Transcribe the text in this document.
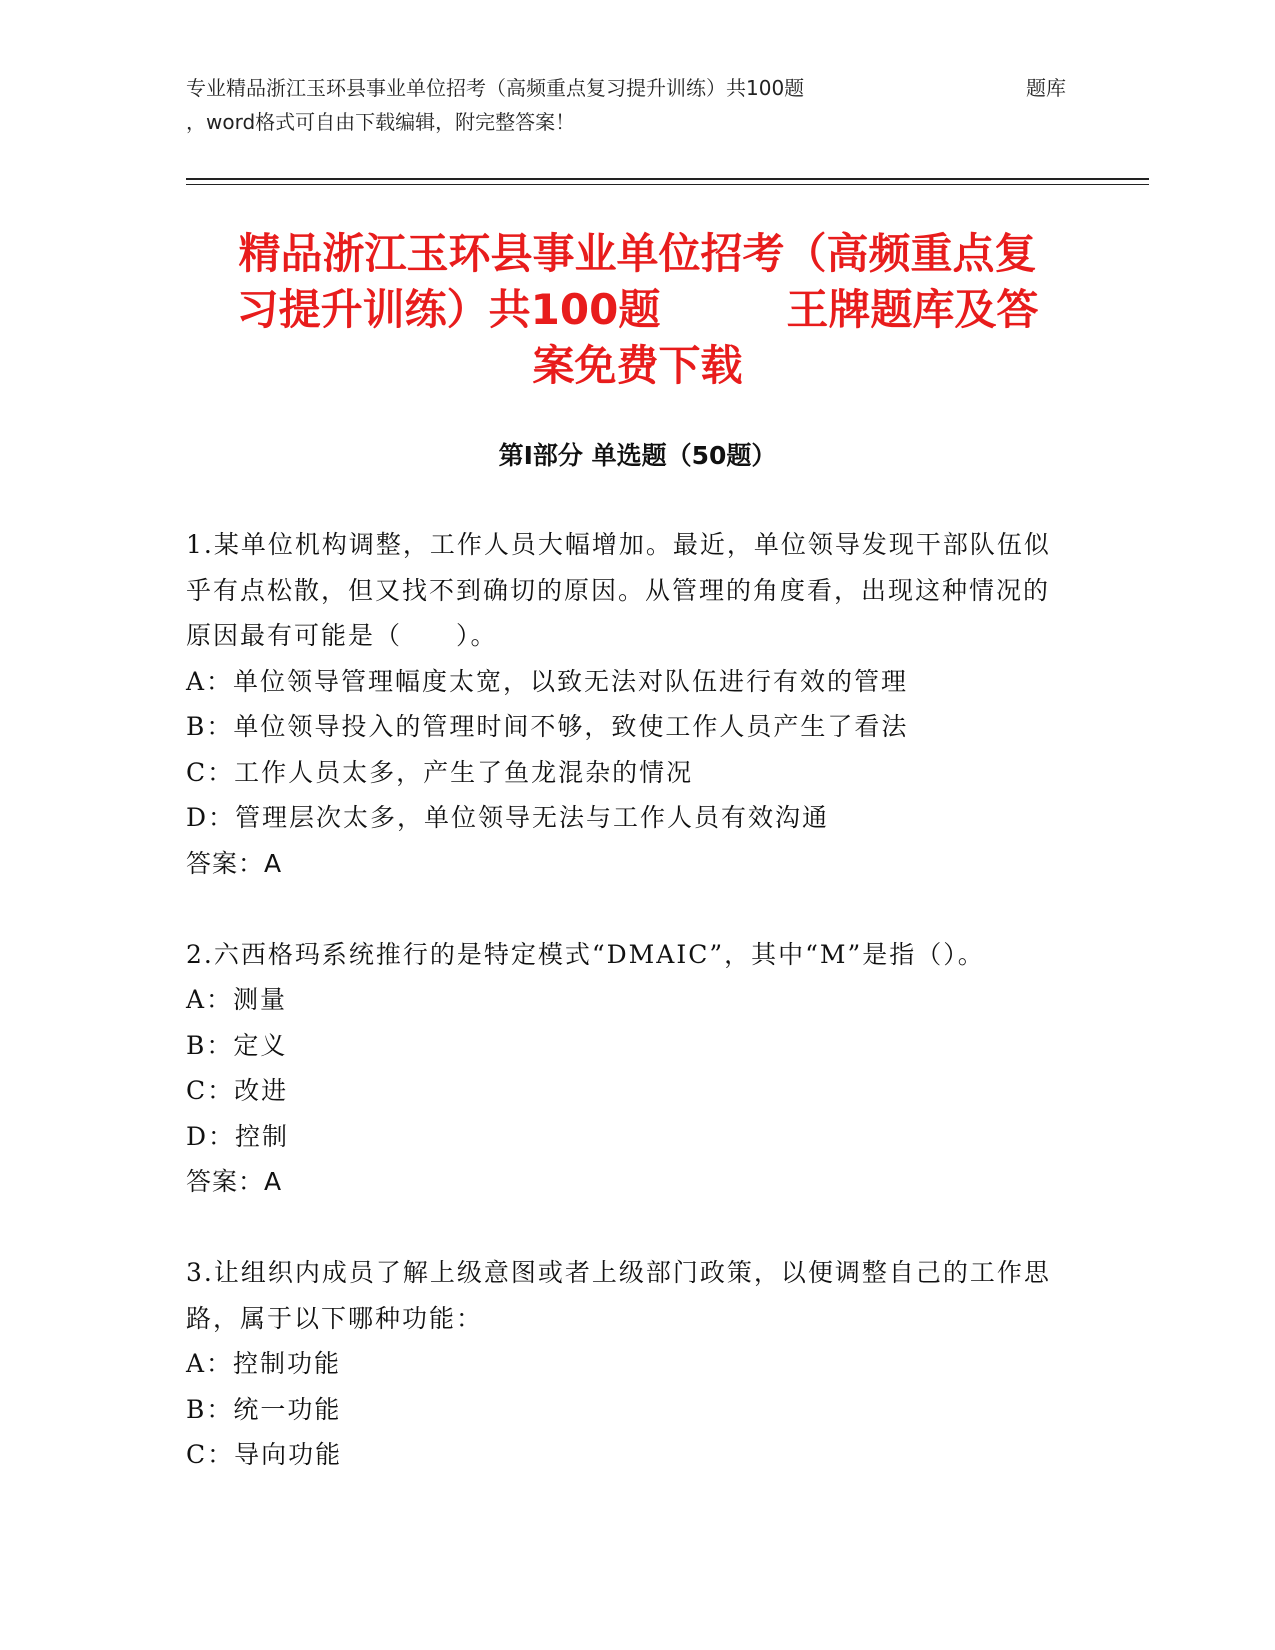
专业精品浙江玉环县事业单位招考（高频重点复习提升训练）共100题	题库
，word格式可自由下载编辑，附完整答案！
精品浙江玉环县事业单位招考（高频重点复
习提升训练）共100题　　　王牌题库及答
案免费下载
第Ⅰ部分 单选题（50题）
1.某单位机构调整，工作人员大幅增加。最近，单位领导发现干部队伍似乎有点松散，但又找不到确切的原因。从管理的角度看，出现这种情况的原因最有可能是（　　）。
A：单位领导管理幅度太宽，以致无法对队伍进行有效的管理
B：单位领导投入的管理时间不够，致使工作人员产生了看法
C：工作人员太多，产生了鱼龙混杂的情况
D：管理层次太多，单位领导无法与工作人员有效沟通
答案：A
2.六西格玛系统推行的是特定模式“DMAIC”，其中“M”是指（）。
A：测量
B：定义
C：改进
D：控制
答案：A
3.让组织内成员了解上级意图或者上级部门政策，以便调整自己的工作思路，属于以下哪种功能：
A：控制功能
B：统一功能
C：导向功能
